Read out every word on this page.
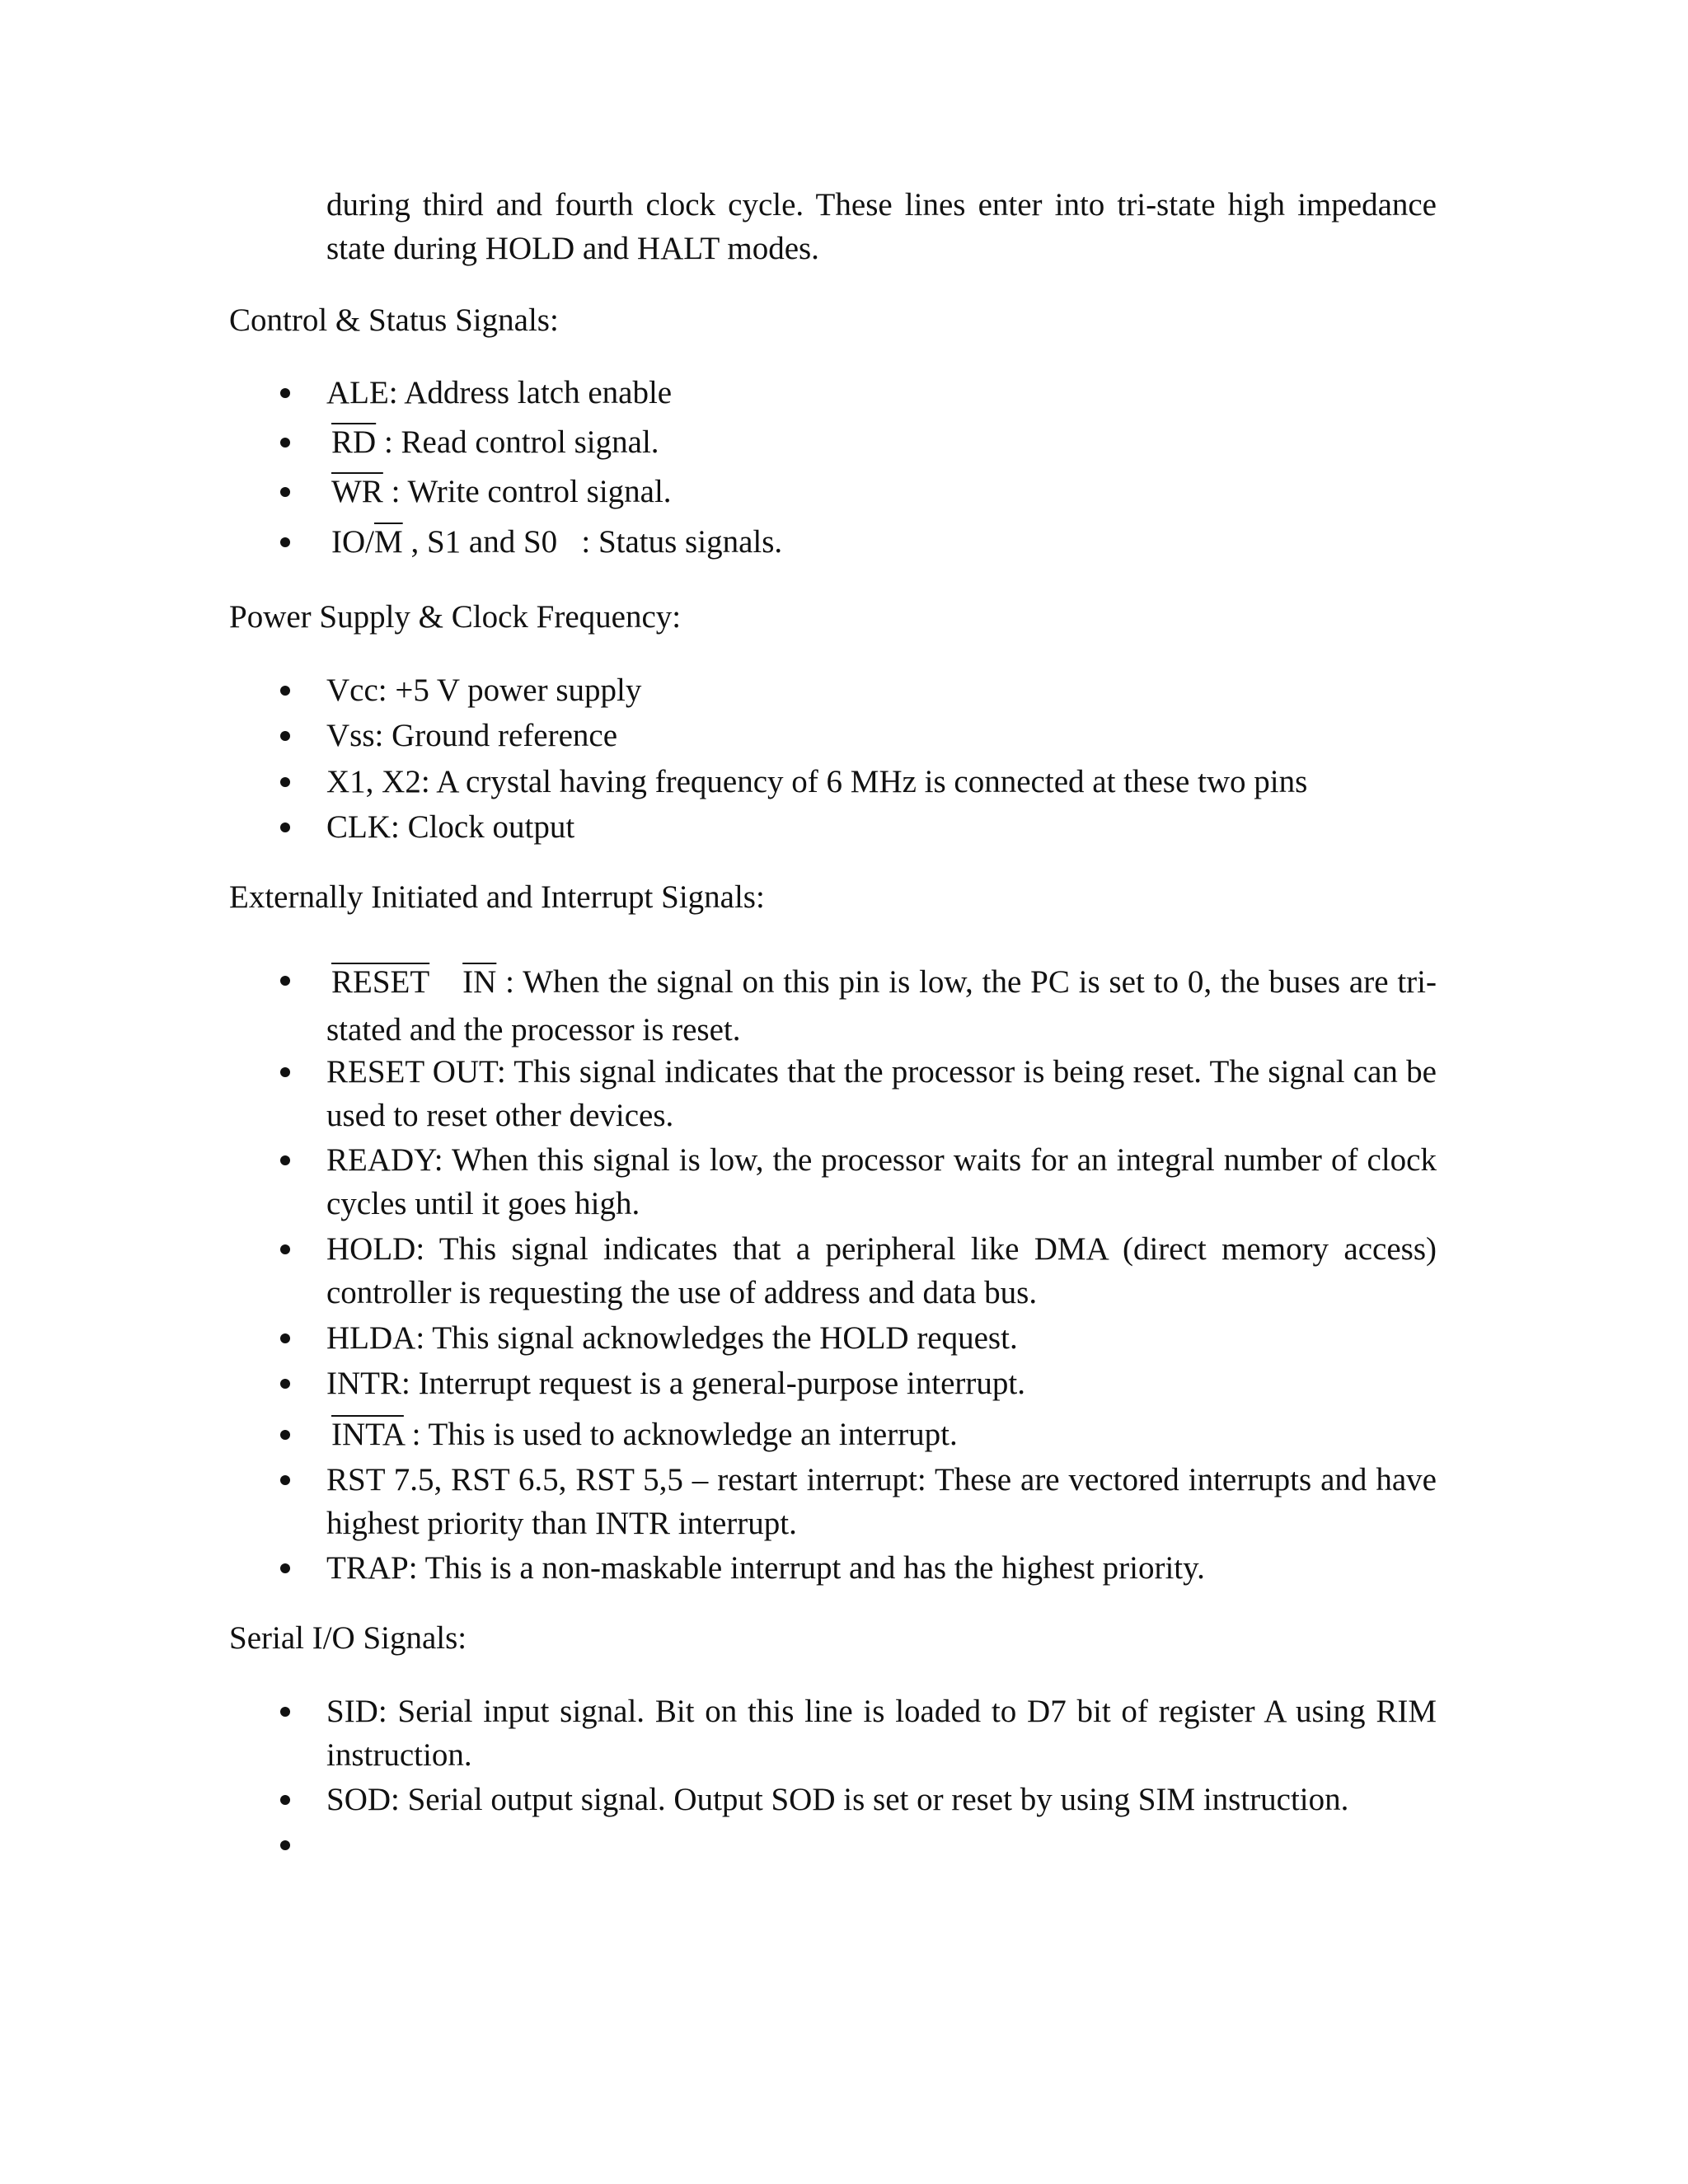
during third and fourth clock cycle. These lines enter into tri-state high impedance state during HOLD and HALT modes.
Control & Status Signals:
ALE: Address latch enable
$\overline{RD}$ : Read control signal.
$\overline{WR}$ : Write control signal.
$IO/\overline{M}$ , S1 and S0   : Status signals.
Power Supply & Clock Frequency:
Vcc: +5 V power supply
Vss: Ground reference
X1, X2: A crystal having frequency of 6 MHz is connected at these two pins
CLK: Clock output
Externally Initiated and Interrupt Signals:
RESET IN : When the signal on this pin is low, the PC is set to 0, the buses are tri-stated and the processor is reset.
RESET OUT: This signal indicates that the processor is being reset. The signal can be used to reset other devices.
READY: When this signal is low, the processor waits for an integral number of clock cycles until it goes high.
HOLD: This signal indicates that a peripheral like DMA (direct memory access) controller is requesting the use of address and data bus.
HLDA: This signal acknowledges the HOLD request.
INTR: Interrupt request is a general-purpose interrupt.
INTA : This is used to acknowledge an interrupt.
RST 7.5, RST 6.5, RST 5,5 – restart interrupt: These are vectored interrupts and have highest priority than INTR interrupt.
TRAP: This is a non-maskable interrupt and has the highest priority.
Serial I/O Signals:
SID: Serial input signal. Bit on this line is loaded to D7 bit of register A using RIM instruction.
SOD: Serial output signal. Output SOD is set or reset by using SIM instruction.
